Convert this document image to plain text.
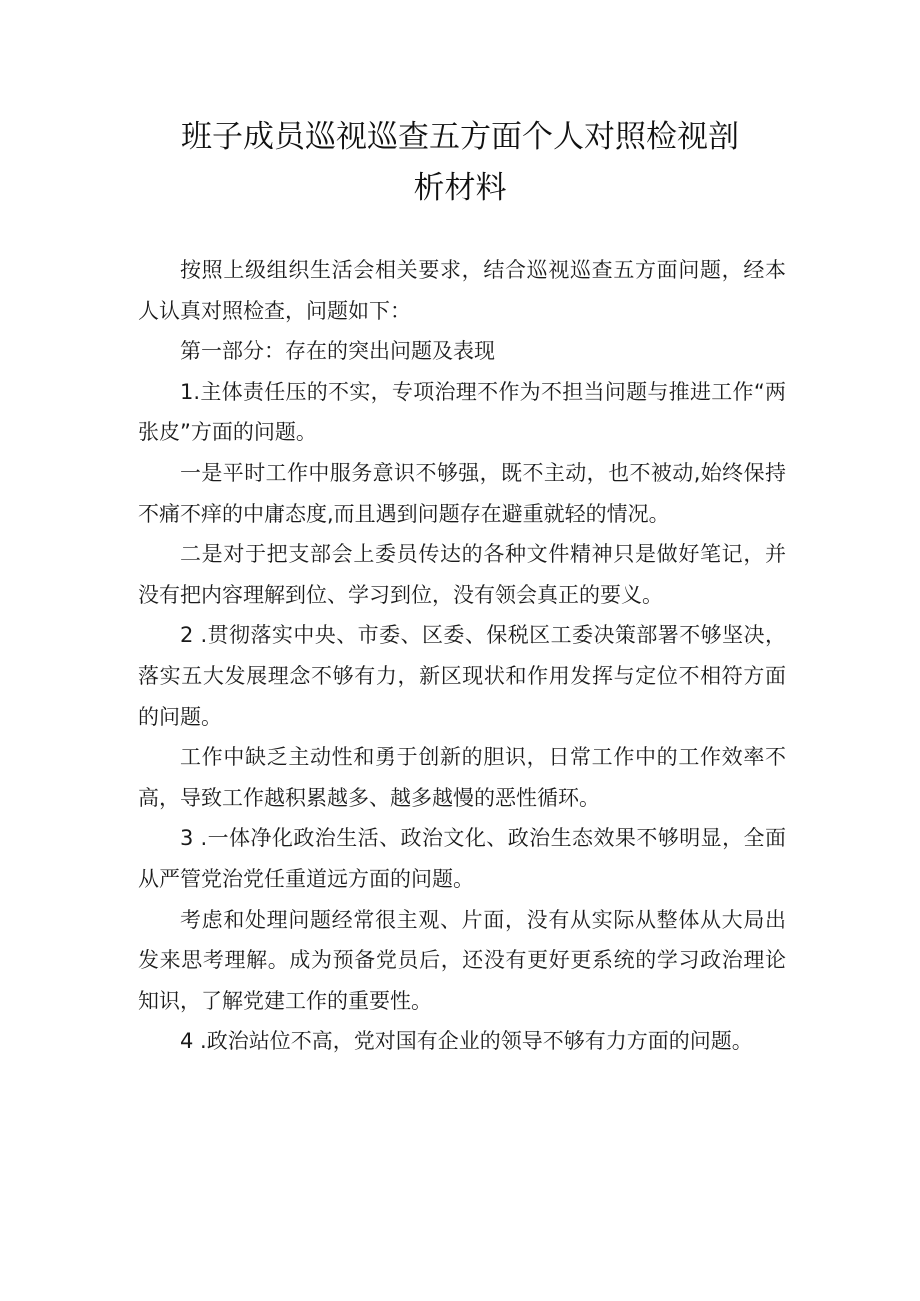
班子成员巡视巡查五方面个人对照检视剖
析材料

按照上级组织生活会相关要求，结合巡视巡查五方面问题，经本人认真对照检查，问题如下：

第一部分：存在的突出问题及表现

1.主体责任压的不实，专项治理不作为不担当问题与推进工作“两张皮”方面的问题。

一是平时工作中服务意识不够强，既不主动，也不被动,始终保持不痛不痒的中庸态度,而且遇到问题存在避重就轻的情况。

二是对于把支部会上委员传达的各种文件精神只是做好笔记，并没有把内容理解到位、学习到位，没有领会真正的要义。

2 .贯彻落实中央、市委、区委、保税区工委决策部署不够坚决，落实五大发展理念不够有力，新区现状和作用发挥与定位不相符方面的问题。

工作中缺乏主动性和勇于创新的胆识，日常工作中的工作效率不高，导致工作越积累越多、越多越慢的恶性循环。

3 .一体净化政治生活、政治文化、政治生态效果不够明显，全面从严管党治党任重道远方面的问题。

考虑和处理问题经常很主观、片面，没有从实际从整体从大局出发来思考理解。成为预备党员后，还没有更好更系统的学习政治理论知识，了解党建工作的重要性。

4 .政治站位不高，党对国有企业的领导不够有力方面的问题。
